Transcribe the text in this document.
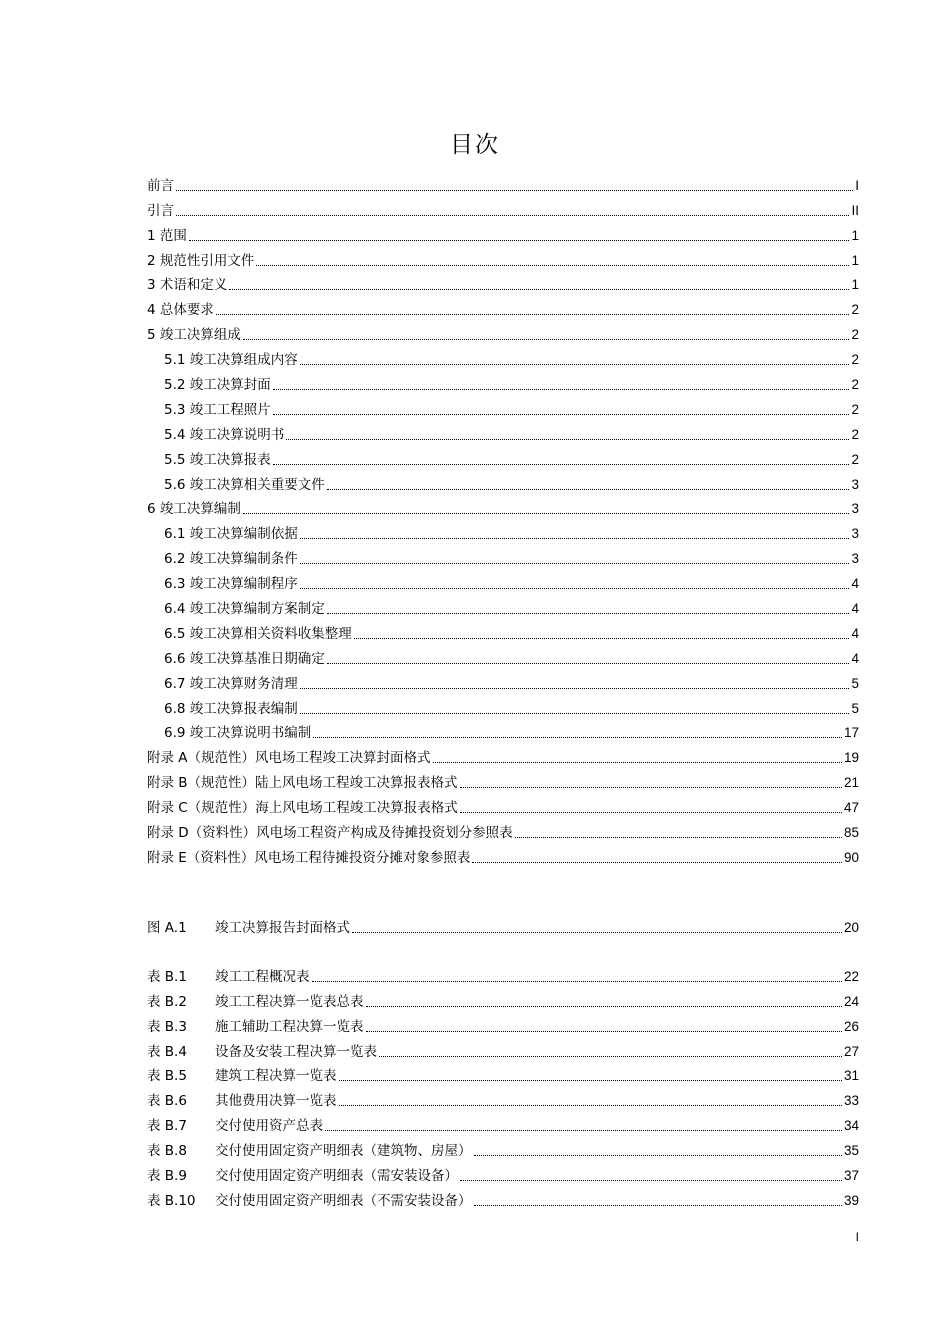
目次
前言	I
引言	II
1 范围	1
2 规范性引用文件	1
3 术语和定义	1
4 总体要求	2
5 竣工决算组成	2
5.1 竣工决算组成内容	2
5.2 竣工决算封面	2
5.3 竣工工程照片	2
5.4 竣工决算说明书	2
5.5 竣工决算报表	2
5.6 竣工决算相关重要文件	3
6 竣工决算编制	3
6.1 竣工决算编制依据	3
6.2 竣工决算编制条件	3
6.3 竣工决算编制程序	4
6.4 竣工决算编制方案制定	4
6.5 竣工决算相关资料收集整理	4
6.6 竣工决算基准日期确定	4
6.7 竣工决算财务清理	5
6.8 竣工决算报表编制	5
6.9 竣工决算说明书编制	17
附录 A（规范性）风电场工程竣工决算封面格式	19
附录 B（规范性）陆上风电场工程竣工决算报表格式	21
附录 C（规范性）海上风电场工程竣工决算报表格式	47
附录 D（资料性）风电场工程资产构成及待摊投资划分参照表	85
附录 E（资料性）风电场工程待摊投资分摊对象参照表	90
图 A.1 竣工决算报告封面格式	20
表 B.1 竣工工程概况表	22
表 B.2 竣工工程决算一览表总表	24
表 B.3 施工辅助工程决算一览表	26
表 B.4 设备及安装工程决算一览表	27
表 B.5 建筑工程决算一览表	31
表 B.6 其他费用决算一览表	33
表 B.7 交付使用资产总表	34
表 B.8 交付使用固定资产明细表（建筑物、房屋）	35
表 B.9 交付使用固定资产明细表（需安装设备）	37
表 B.10 交付使用固定资产明细表（不需安装设备）	39
I
